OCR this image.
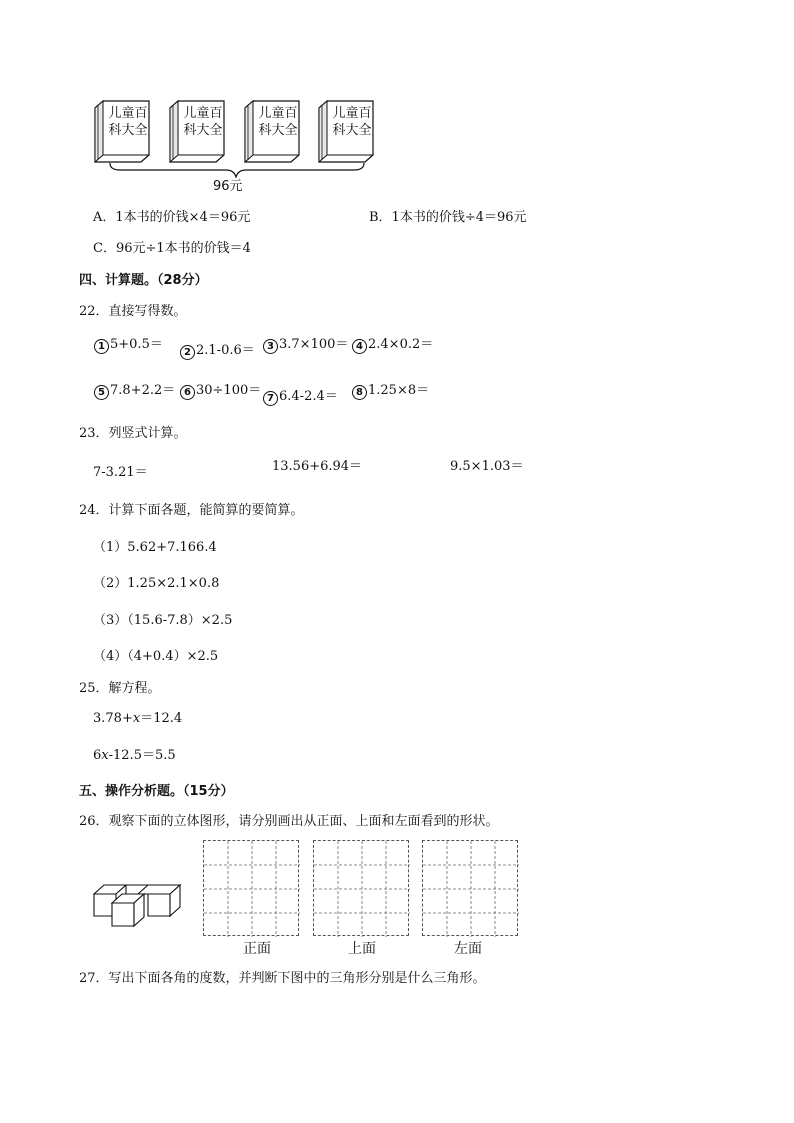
儿童百
科大全
儿童百
科大全
儿童百
科大全
儿童百
科大全
96元
A．1本书的价钱×4＝96元	B．1本书的价钱÷4＝96元
C．96元÷1本书的价钱＝4
四、计算题。（28分）
22．直接写得数。
1 5+0.5＝
2 2.1-0.6＝	3 3.7×100＝ 4 2.4×0.2＝
5 7.8+2.2＝ 6 30÷100＝
7 6.4-2.4＝	8 1.25×8＝
23．列竖式计算。
7-3.21＝	13.56+6.94＝	9.5×1.03＝
24．计算下面各题，能简算的要简算。
（1）5.62+7.166.4
（2）1.25×2.1×0.8
（3）（15.6-7.8）×2.5
（4）（4+0.4）×2.5
25．解方程。
3.78+x＝12.4
6x-12.5＝5.5
五、操作分析题。（15分）
26．观察下面的立体图形，请分别画出从正面、上面和左面看到的形状。
正面	上面	左面
27．写出下面各角的度数，并判断下图中的三角形分别是什么三角形。
